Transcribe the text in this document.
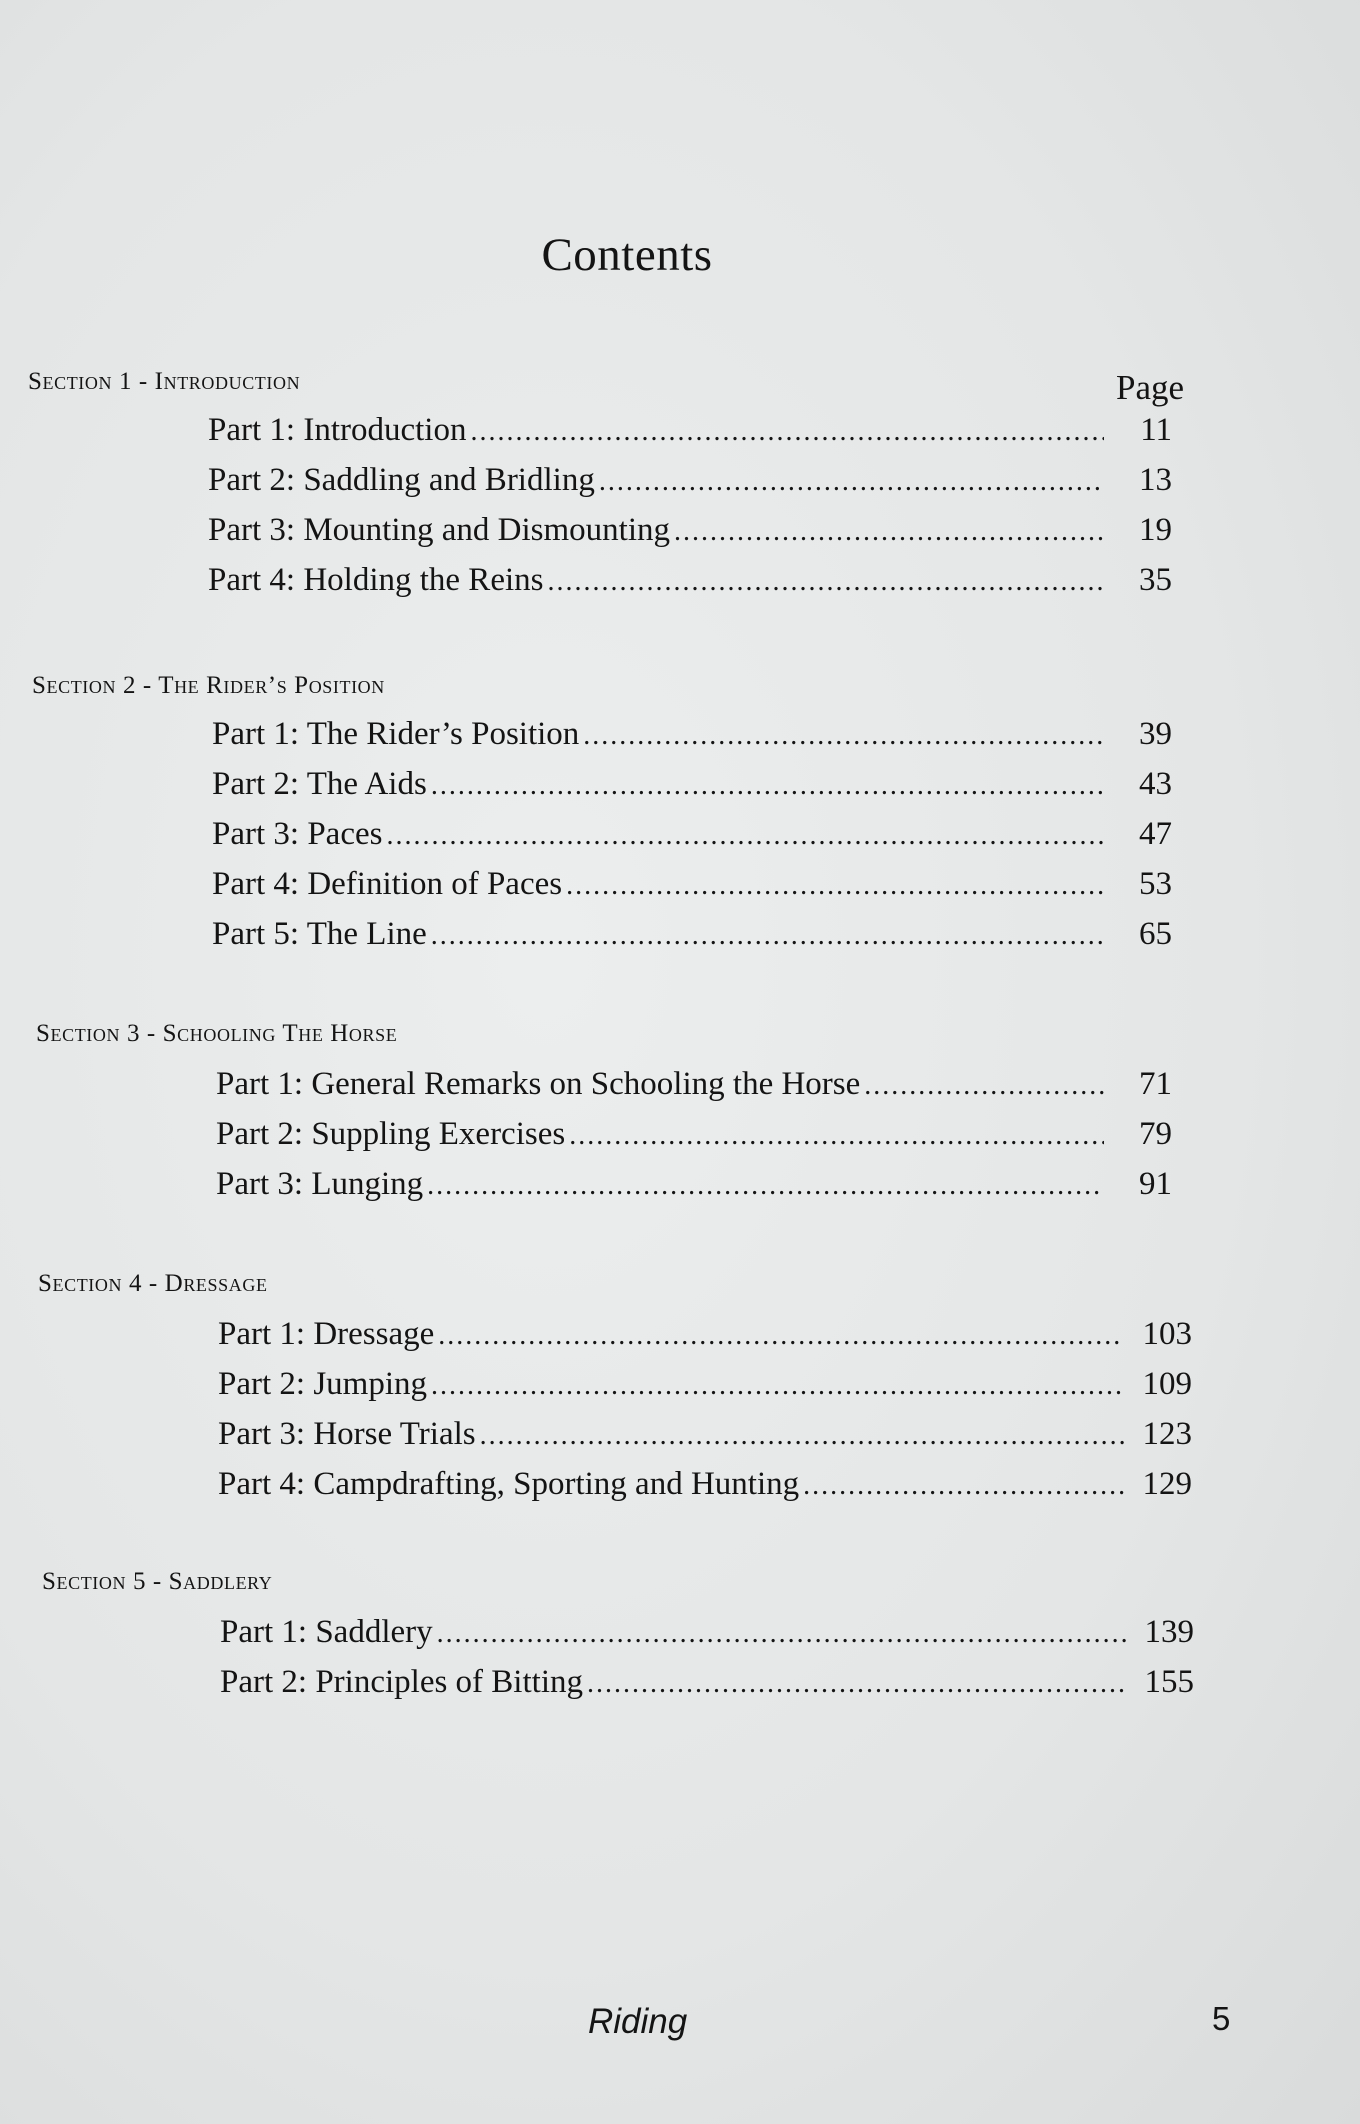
Contents
Page
Section 1 - Introduction
Part 1: Introduction .....	11
Part 2: Saddling and Bridling .....	13
Part 3: Mounting and Dismounting .....	19
Part 4: Holding the Reins .....	35
Section 2 - The Rider’s Position
Part 1: The Rider’s Position .....	39
Part 2: The Aids .....	43
Part 3: Paces .....	47
Part 4: Definition of Paces .....	53
Part 5: The Line .....	65
Section 3 - Schooling The Horse
Part 1: General Remarks on Schooling the Horse .....	71
Part 2: Suppling Exercises .....	79
Part 3: Lunging .....	91
Section 4 - Dressage
Part 1: Dressage .....	103
Part 2: Jumping .....	109
Part 3: Horse Trials .....	123
Part 4: Campdrafting, Sporting and Hunting .....	129
Section 5 - Saddlery
Part 1: Saddlery .....	139
Part 2: Principles of Bitting .....	155
Riding	5
